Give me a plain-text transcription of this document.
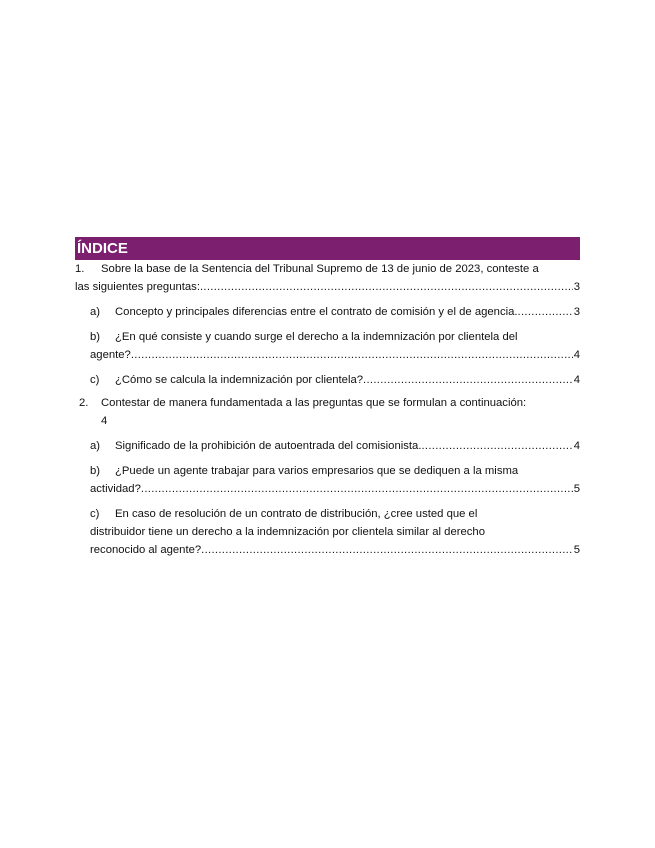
ÍNDICE
1. Sobre la base de la Sentencia del Tribunal Supremo de 13 de junio de 2023, conteste a
las siguientes preguntas: .....	3
a)	Concepto y principales diferencias entre el contrato de comisión y el de agencia. .....	3
b) ¿En qué consiste y cuando surge el derecho a la indemnización por clientela del
agente? .....	4
c)	¿Cómo se calcula la indemnización por clientela? .....	4
2. Contestar de manera fundamentada a las preguntas que se formulan a continuación:
4
a)	Significado de la prohibición de autoentrada del comisionista. .....	4
b) ¿Puede un agente trabajar para varios empresarios que se dediquen a la misma
actividad? .....	5
c) En caso de resolución de un contrato de distribución, ¿cree usted que el
distribuidor tiene un derecho a la indemnización por clientela similar al derecho
reconocido al agente? .....	5
